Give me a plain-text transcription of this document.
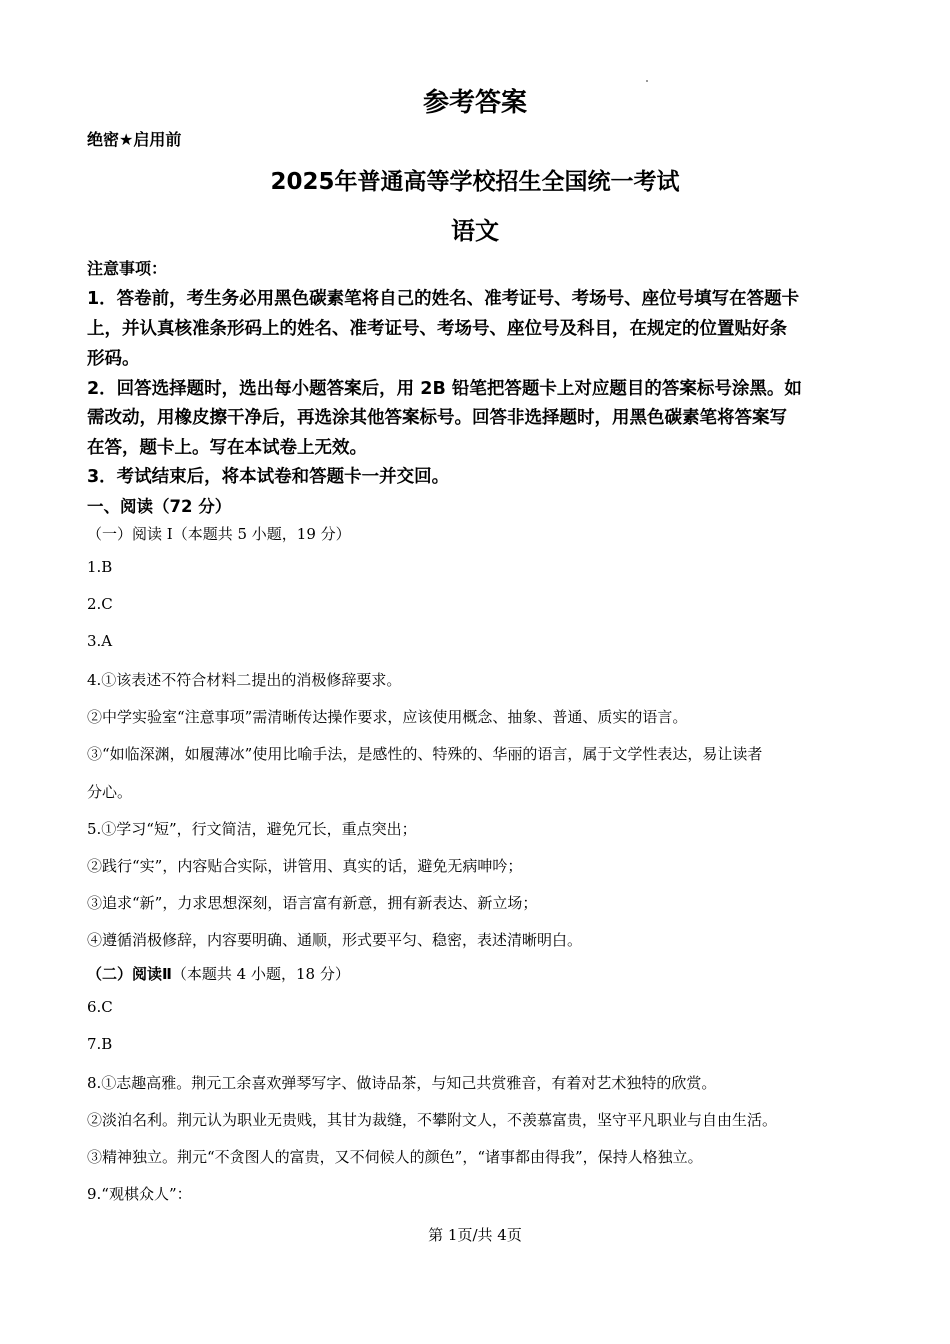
参考答案
绝密★启用前
2025年普通高等学校招生全国统一考试
语文
注意事项：
1．答卷前，考生务必用黑色碳素笔将自己的姓名、准考证号、考场号、座位号填写在答题卡
上，并认真核准条形码上的姓名、准考证号、考场号、座位号及科目，在规定的位置贴好条
形码。
2．回答选择题时，选出每小题答案后，用 2B 铅笔把答题卡上对应题目的答案标号涂黑。如
需改动，用橡皮擦干净后，再选涂其他答案标号。回答非选择题时，用黑色碳素笔将答案写
在答，题卡上。写在本试卷上无效。
3．考试结束后，将本试卷和答题卡一并交回。
一、阅读（72 分）
（一）阅读 I（本题共 5 小题，19 分）
1.B
2.C
3.A
4.①该表述不符合材料二提出的消极修辞要求。
②中学实验室“注意事项”需清晰传达操作要求，应该使用概念、抽象、普通、质实的语言。
③“如临深渊，如履薄冰”使用比喻手法，是感性的、特殊的、华丽的语言，属于文学性表达，易让读者
分心。
5.①学习“短”，行文简洁，避免冗长，重点突出；
②践行“实”，内容贴合实际，讲管用、真实的话，避免无病呻吟；
③追求“新”，力求思想深刻，语言富有新意，拥有新表达、新立场；
④遵循消极修辞，内容要明确、通顺，形式要平匀、稳密，表述清晰明白。
（二）阅读Ⅱ（本题共 4 小题，18 分）
6.C
7.B
8.①志趣高雅。荆元工余喜欢弹琴写字、做诗品茶，与知己共赏雅音，有着对艺术独特的欣赏。
②淡泊名利。荆元认为职业无贵贱，其甘为裁缝，不攀附文人，不羡慕富贵，坚守平凡职业与自由生活。
③精神独立。荆元“不贪图人的富贵，又不伺候人的颜色”，“诸事都由得我”，保持人格独立。
9.“观棋众人”：
第 1页/共 4页
